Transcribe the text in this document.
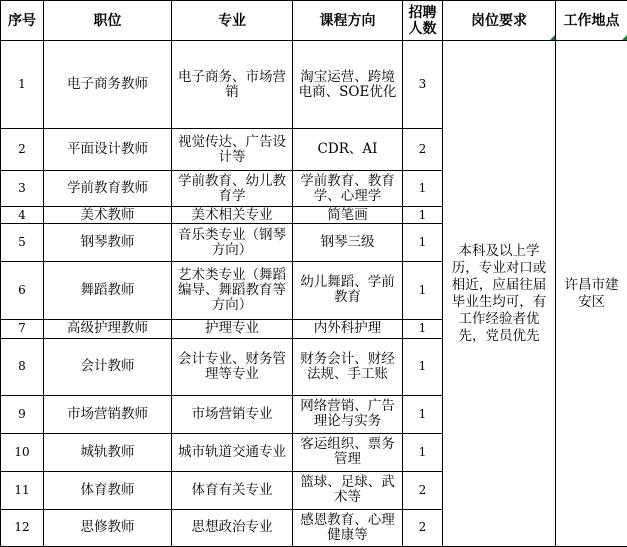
序号	职位	专业	课程方向	招聘人数	岗位要求	工作地点

1	电子商务教师	电子商务、市场营销	淘宝运营、跨境电商、SOE优化	3	本科及以上学历，专业对口或相近，应届往届毕业生均可，有工作经验者优先，党员优先	许昌市建安区
2	平面设计教师	视觉传达、广告设计等	CDR、AI	2		
3	学前教育教师	学前教育、幼儿教育学	学前教育、教育学、心理学	1		
4	美术教师	美术相关专业	简笔画	1		
5	钢琴教师	音乐类专业（钢琴方向）	钢琴三级	1		
6	舞蹈教师	艺术类专业（舞蹈编导、舞蹈教育等方向）	幼儿舞蹈、学前教育	1		
7	高级护理教师	护理专业	内外科护理	1		
8	会计教师	会计专业、财务管理等专业	财务会计、财经法规、手工账	1		
9	市场营销教师	市场营销专业	网络营销、广告理论与实务	1		
10	城轨教师	城市轨道交通专业	客运组织、票务管理	1		
11	体育教师	体育有关专业	篮球、足球、武术等	2		
12	思修教师	思想政治专业	感恩教育、心理健康等	2		
